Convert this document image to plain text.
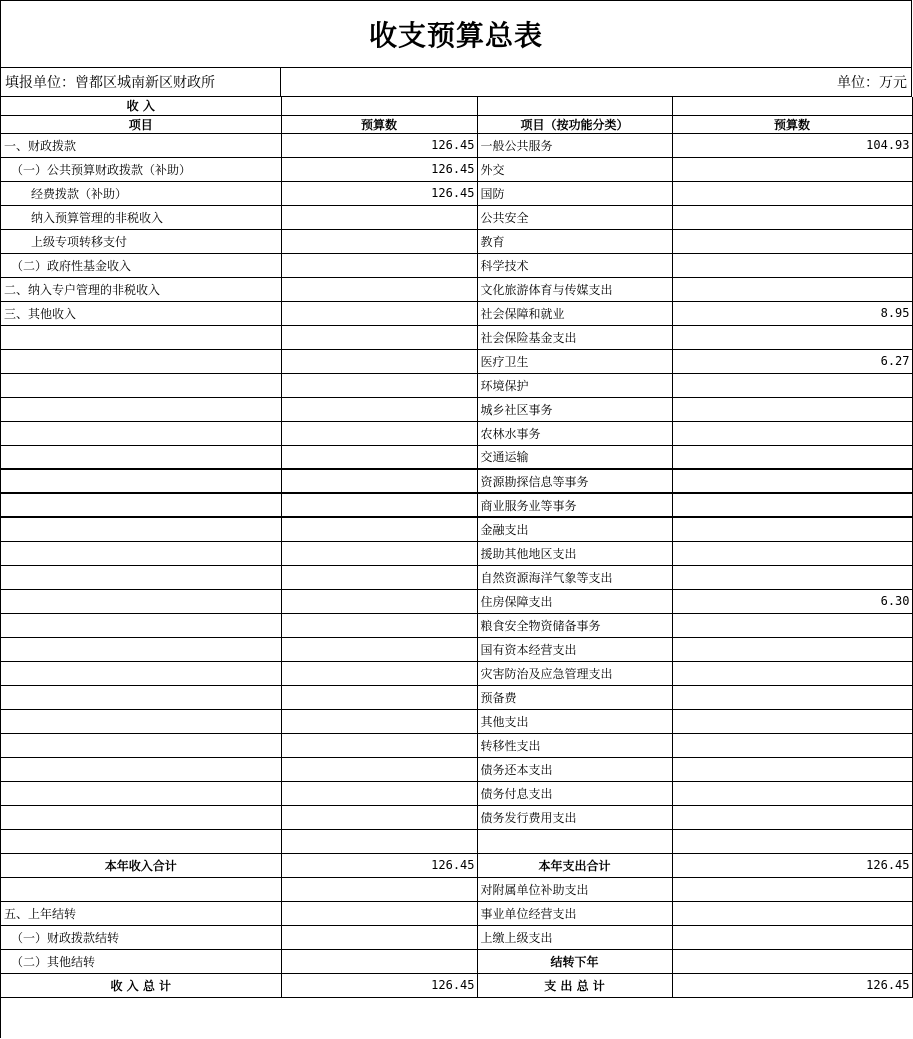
收支预算总表
填报单位：曾都区城南新区财政所	单位：万元
收 入			
项目	预算数	项目（按功能分类）	预算数
一、财政拨款	126.45	一般公共服务	104.93
（一）公共预算财政拨款（补助）	126.45	外交	
经费拨款（补助）	126.45	国防	
纳入预算管理的非税收入		公共安全	
上级专项转移支付		教育	
（二）政府性基金收入		科学技术	
二、纳入专户管理的非税收入		文化旅游体育与传媒支出	
三、其他收入		社会保障和就业	8.95
		社会保险基金支出	
		医疗卫生	6.27
		环境保护	
		城乡社区事务	
		农林水事务	
		交通运输	
		资源勘探信息等事务	
		商业服务业等事务	
		金融支出	
		援助其他地区支出	
		自然资源海洋气象等支出	
		住房保障支出	6.30
		粮食安全物资储备事务	
		国有资本经营支出	
		灾害防治及应急管理支出	
		预备费	
		其他支出	
		转移性支出	
		债务还本支出	
		债务付息支出	
		债务发行费用支出	

本年收入合计	126.45	本年支出合计	126.45
		对附属单位补助支出	
五、上年结转		事业单位经营支出	
（一）财政拨款结转		上缴上级支出	
（二）其他结转		结转下年	
收 入 总 计	126.45	支 出 总 计	126.45
